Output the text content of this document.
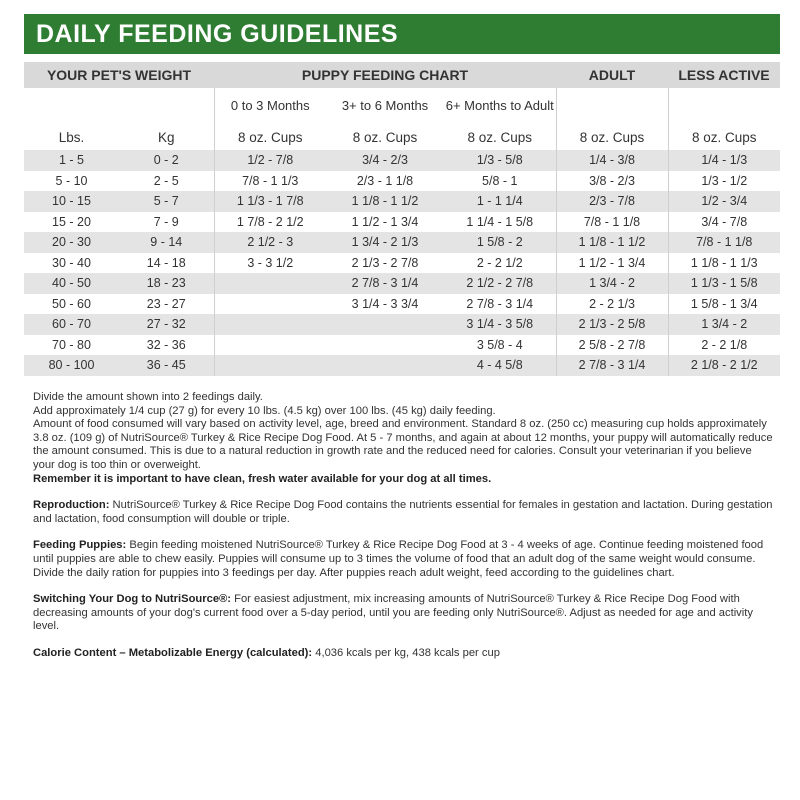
DAILY FEEDING GUIDELINES
YOUR PET'S WEIGHT		PUPPY FEEDING CHART			ADULT	LESS ACTIVE
		0 to 3 Months	3+ to 6 Months	6+ Months to Adult		
Lbs.	Kg	8 oz. Cups	8 oz. Cups	8 oz. Cups	8 oz. Cups	8 oz. Cups
1 - 5	0 - 2	1/2 - 7/8	3/4 - 2/3	1/3 - 5/8	1/4 - 3/8	1/4 - 1/3
5 - 10	2 - 5	7/8 - 1 1/3	2/3 - 1 1/8	5/8 - 1	3/8 - 2/3	1/3 - 1/2
10 - 15	5 - 7	1 1/3 - 1 7/8	1 1/8 - 1 1/2	1 - 1 1/4	2/3 - 7/8	1/2 - 3/4
15 - 20	7 - 9	1 7/8 - 2 1/2	1 1/2 - 1 3/4	1 1/4 - 1 5/8	7/8 - 1 1/8	3/4 - 7/8
20 - 30	9 - 14	2 1/2 - 3	1 3/4 - 2 1/3	1 5/8 - 2	1 1/8 - 1 1/2	7/8 - 1 1/8
30 - 40	14 - 18	3 - 3 1/2	2 1/3 - 2 7/8	2 - 2 1/2	1 1/2 - 1 3/4	1 1/8 - 1 1/3
40 - 50	18 - 23		2 7/8 - 3 1/4	2 1/2 - 2 7/8	1 3/4 - 2	1 1/3 - 1 5/8
50 - 60	23 - 27		3 1/4 - 3 3/4	2 7/8 - 3 1/4	2 - 2 1/3	1 5/8 - 1 3/4
60 - 70	27 - 32			3 1/4 - 3 5/8	2 1/3 - 2 5/8	1 3/4 - 2
70 - 80	32 - 36			3 5/8 - 4	2 5/8 - 2 7/8	2 - 2 1/8
80 - 100	36 - 45			4 - 4 5/8	2 7/8 - 3 1/4	2 1/8 - 2 1/2

Divide the amount shown into 2 feedings daily.

Add approximately 1/4 cup (27 g) for every 10 lbs. (4.5 kg) over 100 lbs. (45 kg) daily feeding.

Amount of food consumed will vary based on activity level, age, breed and environment. Standard 8 oz. (250 cc) measuring cup holds approximately 3.8 oz. (109 g) of NutriSource® Turkey & Rice Recipe Dog Food. At 5 - 7 months, and again at about 12 months, your puppy will automatically reduce the amount consumed. This is due to a natural reduction in growth rate and the reduced need for calories. Consult your veterinarian if you believe your dog is too thin or overweight.

Remember it is important to have clean, fresh water available for your dog at all times.

Reproduction: NutriSource® Turkey & Rice Recipe Dog Food contains the nutrients essential for females in gestation and lactation. During gestation and lactation, food consumption will double or triple.

Feeding Puppies: Begin feeding moistened NutriSource® Turkey & Rice Recipe Dog Food at 3 - 4 weeks of age. Continue feeding moistened food until puppies are able to chew easily. Puppies will consume up to 3 times the volume of food that an adult dog of the same weight would consume. Divide the daily ration for puppies into 3 feedings per day. After puppies reach adult weight, feed according to the guidelines chart.

Switching Your Dog to NutriSource®: For easiest adjustment, mix increasing amounts of NutriSource® Turkey & Rice Recipe Dog Food with decreasing amounts of your dog's current food over a 5-day period, until you are feeding only NutriSource®. Adjust as needed for age and activity level.

Calorie Content – Metabolizable Energy (calculated): 4,036 kcals per kg, 438 kcals per cup
